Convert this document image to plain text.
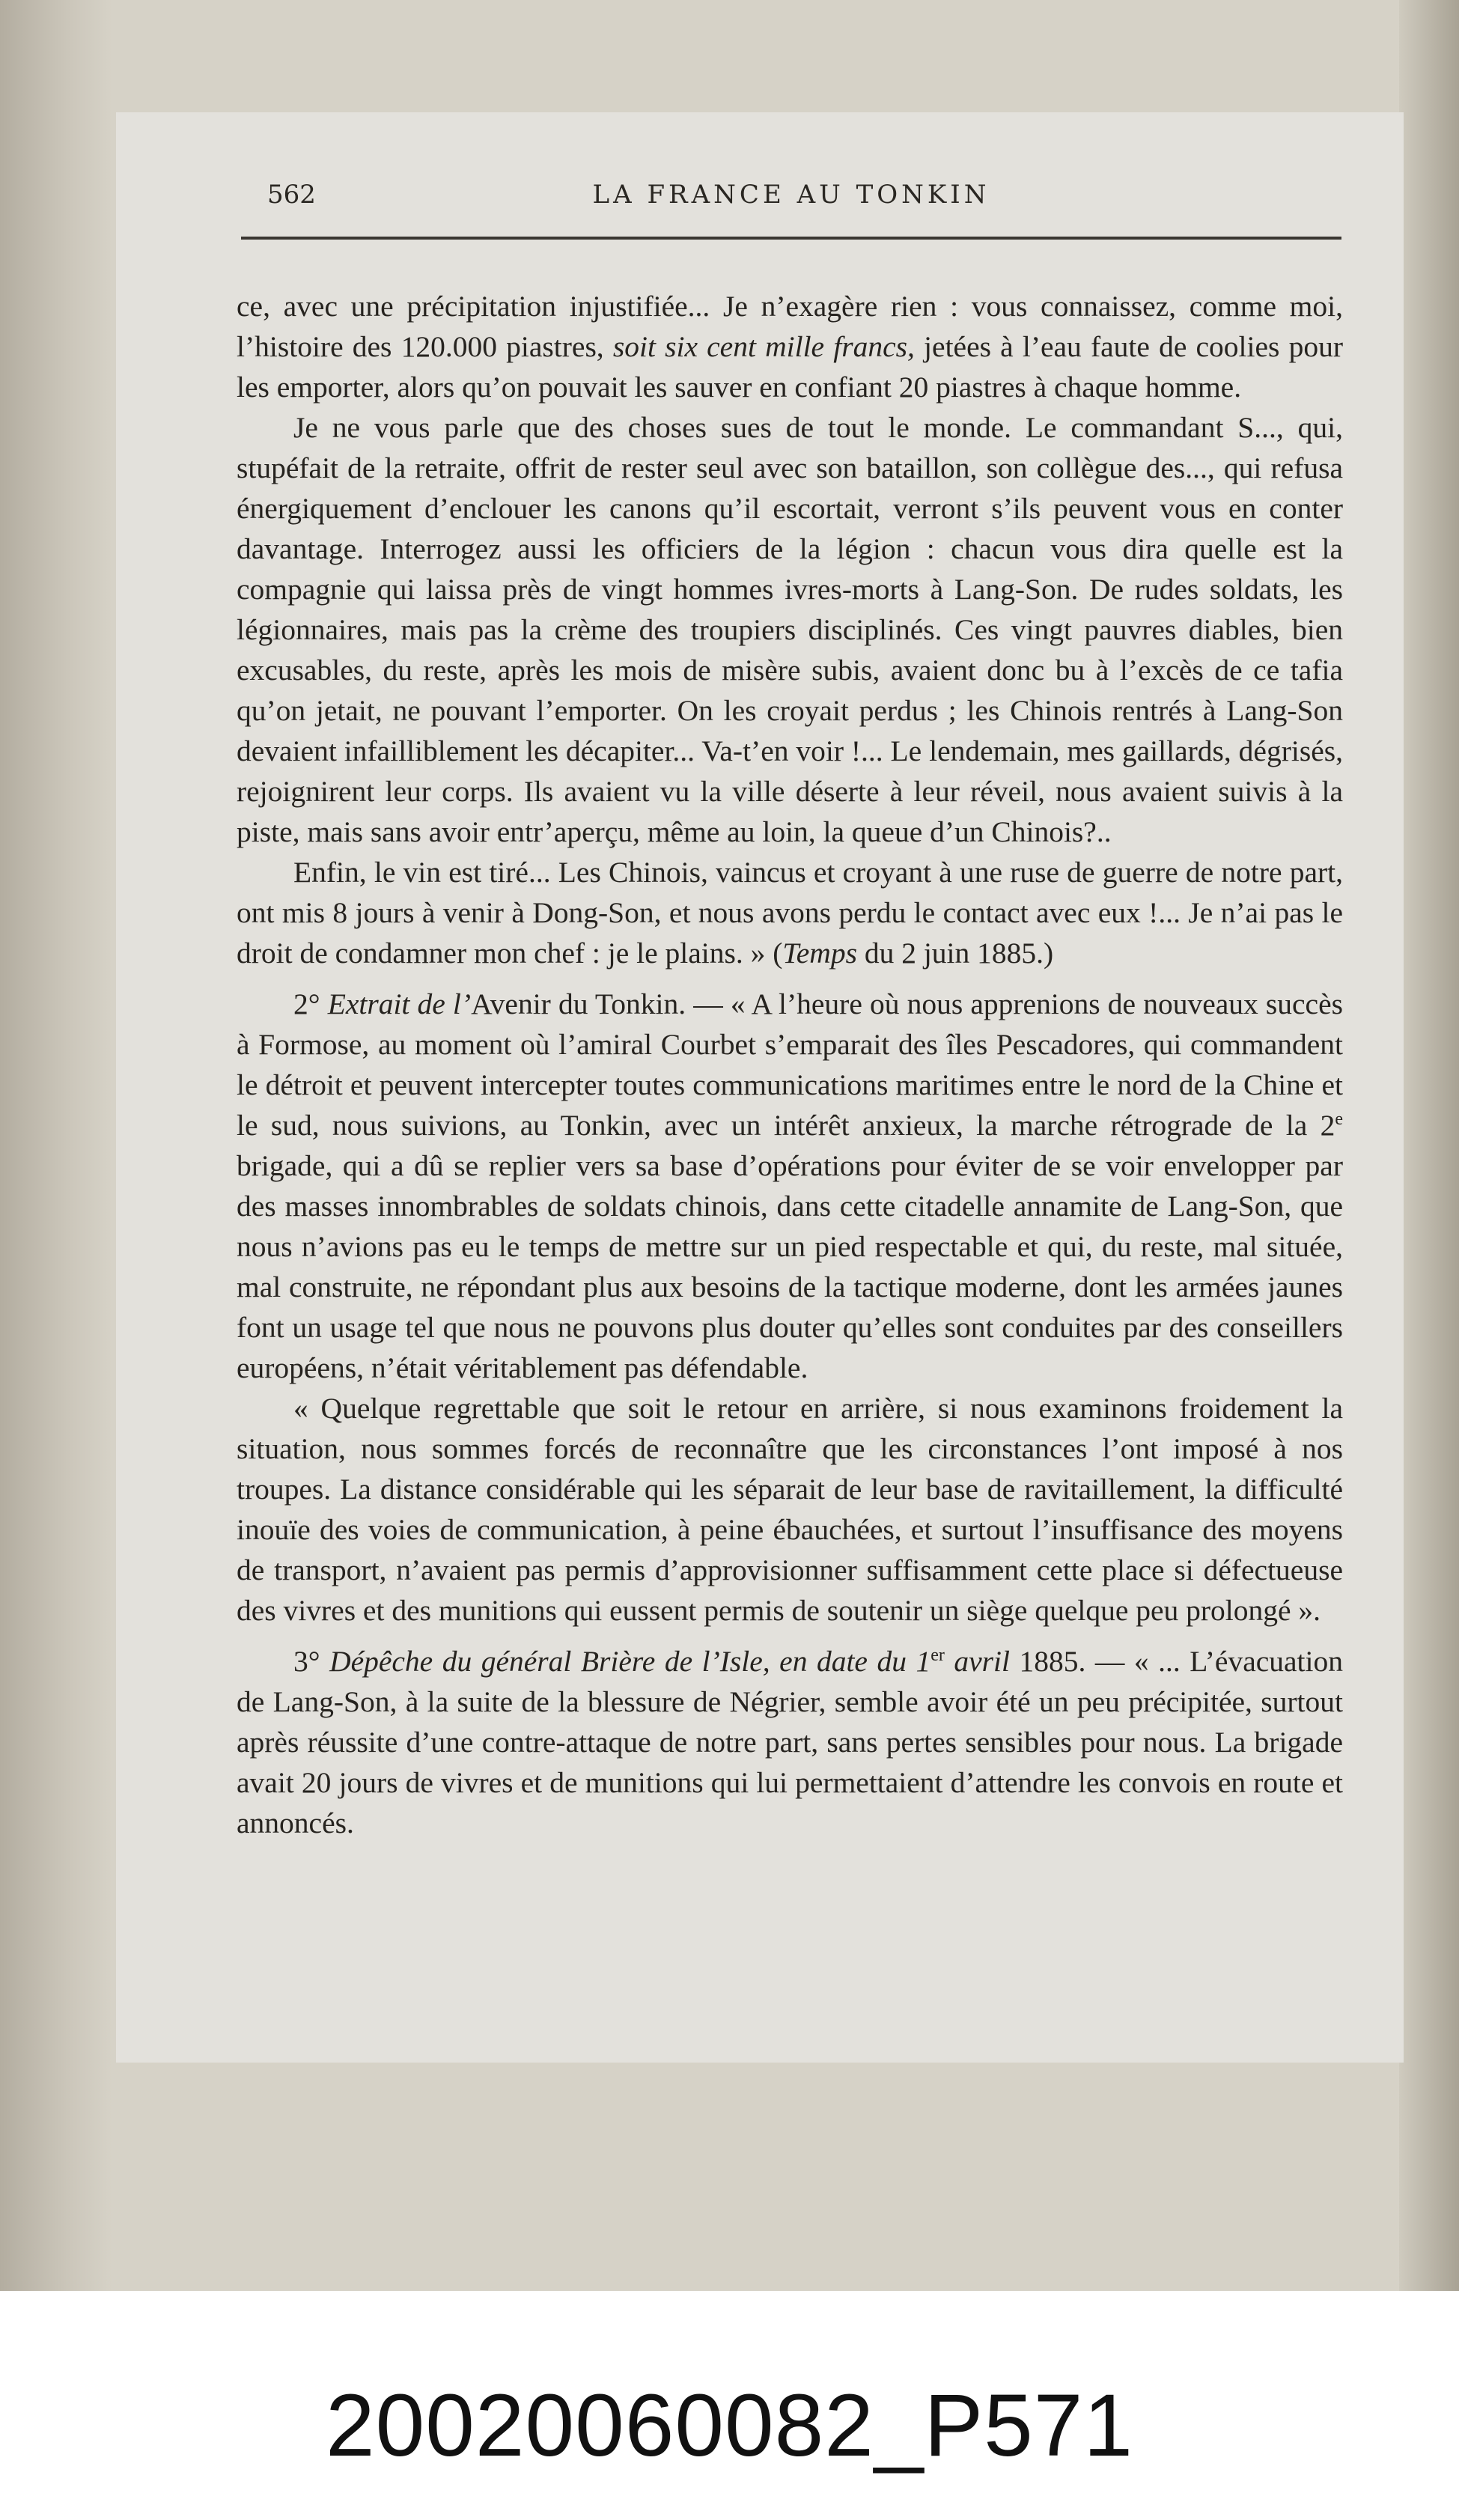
562	LA FRANCE AU TONKIN

ce, avec une précipitation injustifiée... Je n’exagère rien : vous connaissez, comme moi, l’histoire des 120.000 piastres, soit six cent mille francs, jetées à l’eau faute de coolies pour les emporter, alors qu’on pouvait les sauver en confiant 20 piastres à chaque homme.

Je ne vous parle que des choses sues de tout le monde. Le commandant S..., qui, stupéfait de la retraite, offrit de rester seul avec son bataillon, son collègue des..., qui refusa énergiquement d’enclouer les canons qu’il escortait, verront s’ils peuvent vous en conter davantage. Interrogez aussi les officiers de la légion : chacun vous dira quelle est la compagnie qui laissa près de vingt hommes ivres-morts à Lang-Son. De rudes soldats, les légionnaires, mais pas la crème des troupiers disciplinés. Ces vingt pauvres diables, bien excusables, du reste, après les mois de misère subis, avaient donc bu à l’excès de ce tafia qu’on jetait, ne pouvant l’emporter. On les croyait perdus ; les Chinois rentrés à Lang-Son devaient infailliblement les décapiter... Va-t’en voir !... Le lendemain, mes gaillards, dégrisés, rejoignirent leur corps. Ils avaient vu la ville déserte à leur réveil, nous avaient suivis à la piste, mais sans avoir entr’aperçu, même au loin, la queue d’un Chinois?..

Enfin, le vin est tiré... Les Chinois, vaincus et croyant à une ruse de guerre de notre part, ont mis 8 jours à venir à Dong-Son, et nous avons perdu le contact avec eux !... Je n’ai pas le droit de condamner mon chef : je le plains. » (Temps du 2 juin 1885.)

2° Extrait de l’Avenir du Tonkin. — « A l’heure où nous apprenions de nouveaux succès à Formose, au moment où l’amiral Courbet s’emparait des îles Pescadores, qui commandent le détroit et peuvent intercepter toutes communications maritimes entre le nord de la Chine et le sud, nous suivions, au Tonkin, avec un intérêt anxieux, la marche rétrograde de la 2e brigade, qui a dû se replier vers sa base d’opérations pour éviter de se voir envelopper par des masses innombrables de soldats chinois, dans cette citadelle annamite de Lang-Son, que nous n’avions pas eu le temps de mettre sur un pied respectable et qui, du reste, mal située, mal construite, ne répondant plus aux besoins de la tactique moderne, dont les armées jaunes font un usage tel que nous ne pouvons plus douter qu’elles sont conduites par des conseillers européens, n’était véritablement pas défendable.

« Quelque regrettable que soit le retour en arrière, si nous examinons froidement la situation, nous sommes forcés de reconnaître que les circonstances l’ont imposé à nos troupes. La distance considérable qui les séparait de leur base de ravitaillement, la difficulté inouïe des voies de communication, à peine ébauchées, et surtout l’insuffisance des moyens de transport, n’avaient pas permis d’approvisionner suffisamment cette place si défectueuse des vivres et des munitions qui eussent permis de soutenir un siège quelque peu prolongé ».

3° Dépêche du général Brière de l’Isle, en date du 1er avril 1885. — « ... L’évacuation de Lang-Son, à la suite de la blessure de Négrier, semble avoir été un peu précipitée, surtout après réussite d’une contre-attaque de notre part, sans pertes sensibles pour nous. La brigade avait 20 jours de vivres et de munitions qui lui permettaient d’attendre les convois en route et annoncés.

20020060082_P571
